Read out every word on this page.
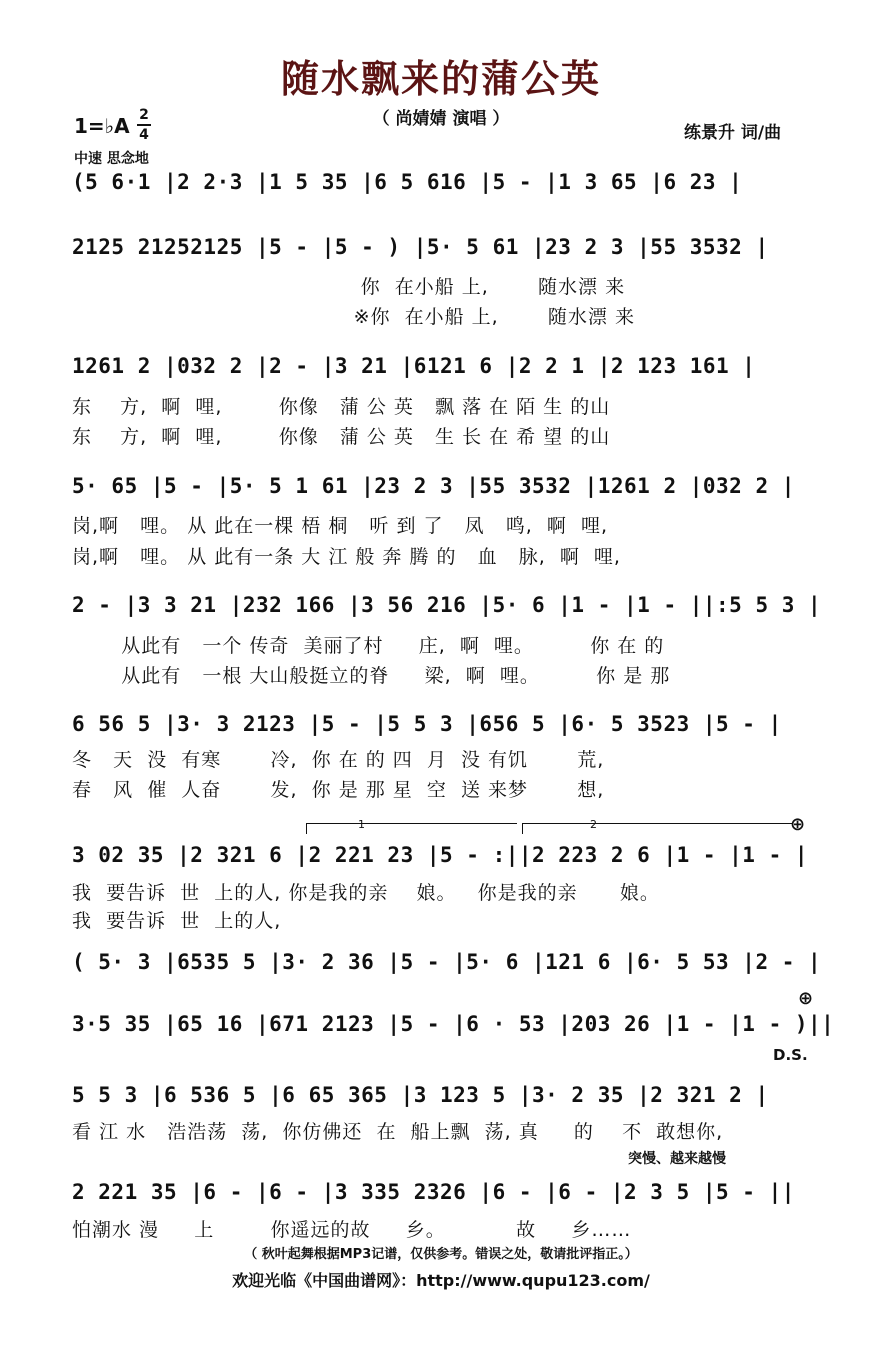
随水飘来的蒲公英
（ 尚婧婧 演唱 ）
1=♭A 2
4	练景升 词/曲
中速 思念地
(5 6·1 |2 2·3 |1 5 35 |6 5 616 |5 - |1 3 65 |6 23 |
2125 21252125 |5 - |5 - ) |5· 5 61 |23 2 3 |55 3532 |
你  在小船 上,       随水漂 来
※你  在小船 上,       随水漂 来
1261 2 |032 2 |2 - |3 21 |6121 6 |2 2 1 |2 123 161 |
东    方,  啊  哩,        你像   蒲 公 英   飘 落 在 陌 生 的山
东    方,  啊  哩,        你像   蒲 公 英   生 长 在 希 望 的山
5· 65 |5 - |5· 5 1 61 |23 2 3 |55 3532 |1261 2 |032 2 |
岗,啊   哩。 从 此在一棵 梧 桐   听 到 了   凤   鸣,  啊  哩,
岗,啊   哩。 从 此有一条 大 江 般 奔 腾 的   血   脉,  啊  哩,
2 - |3 3 21 |232 166 |3 56 216 |5· 6 |1 - |1 - ||:5 5 3 |
从此有   一个 传奇  美丽了村     庄,  啊  哩。        你 在 的
从此有   一根 大山般挺立的脊     梁,  啊  哩。        你 是 那
6 56 5 |3· 3 2123 |5 - |5 5 3 |656 5 |6· 5 3523 |5 - |
冬   天  没  有寒       冷,  你 在 的 四  月  没 有饥       荒,
春   风  催  人奋       发,  你 是 那 星  空  送 来梦       想,
1	2	⊕
3 02 35 |2 321 6 |2 221 23 |5 - :||2 223 2 6 |1 - |1 - |
我  要告诉  世  上的人, 你是我的亲    娘。   你是我的亲      娘。
我  要告诉  世  上的人,
( 5· 3 |6535 5 |3· 2 36 |5 - |5· 6 |121 6 |6· 5 53 |2 - |
⊕
3·5 35 |65 16 |671 2123 |5 - |6 · 53 |203 26 |1 - |1 - )||
D.S.
5 5 3 |6 536 5 |6 65 365 |3 123 5 |3· 2 35 |2 321 2 |
看 江 水   浩浩荡  荡,  你仿佛还  在  船上飘  荡, 真     的    不  敢想你,
突慢、越来越慢
2 221 35 |6 - |6 - |3 335 2326 |6 - |6 - |2 3 5 |5 - ||
怕潮水 漫     上        你遥远的故     乡。          故     乡……
（ 秋叶起舞根据MP3记谱，仅供参考。错误之处，敬请批评指正。）
欢迎光临《中国曲谱网》：http://www.qupu123.com/
